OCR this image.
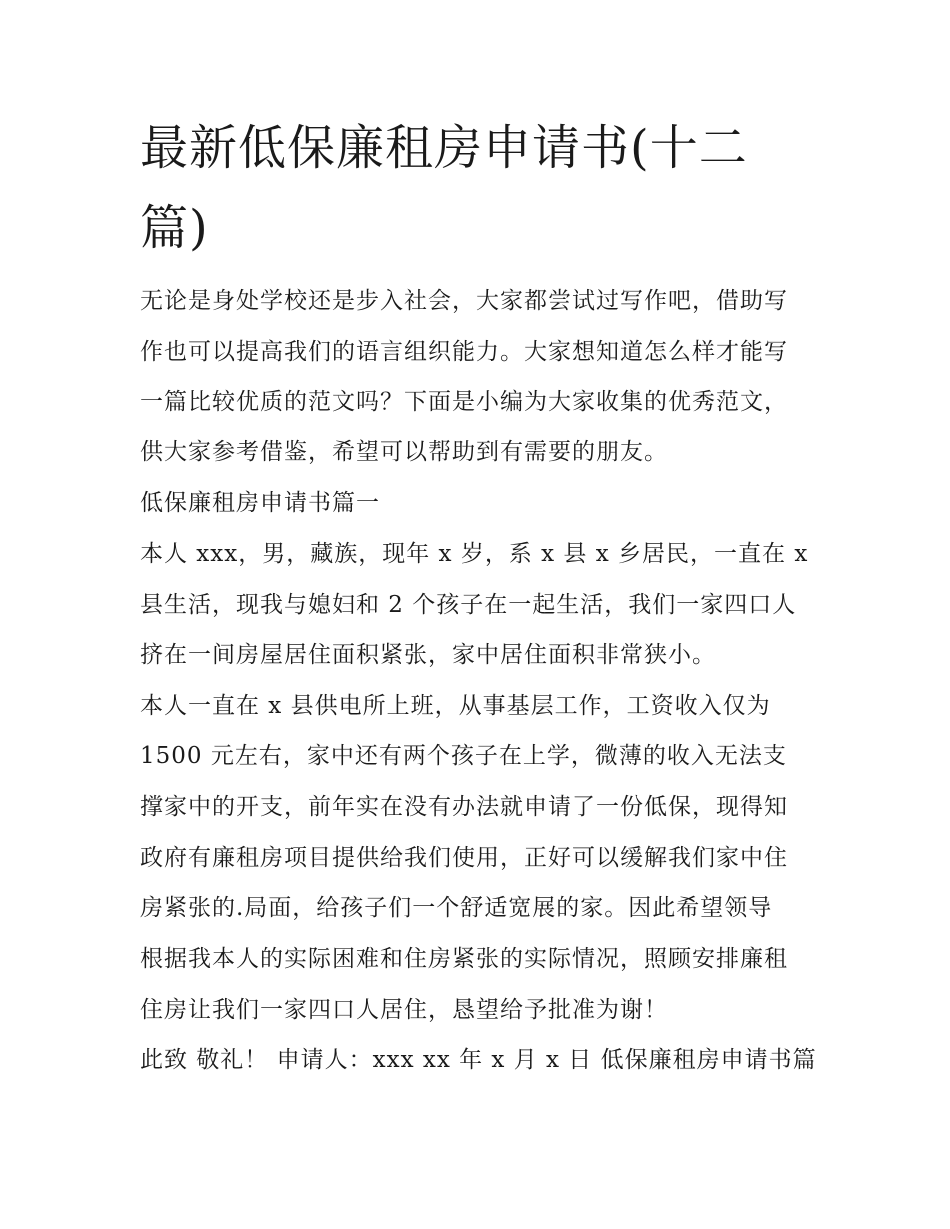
最新低保廉租房申请书(十二
篇)
无论是身处学校还是步入社会，大家都尝试过写作吧，借助写
作也可以提高我们的语言组织能力。大家想知道怎么样才能写
一篇比较优质的范文吗？下面是小编为大家收集的优秀范文，
供大家参考借鉴，希望可以帮助到有需要的朋友。
低保廉租房申请书篇一
本人 xxx，男，藏族，现年 x 岁，系 x 县 x 乡居民，一直在 x
县生活，现我与媳妇和 2 个孩子在一起生活，我们一家四口人
挤在一间房屋居住面积紧张，家中居住面积非常狭小。
本人一直在 x 县供电所上班，从事基层工作，工资收入仅为
1500 元左右，家中还有两个孩子在上学，微薄的收入无法支
撑家中的开支，前年实在没有办法就申请了一份低保，现得知
政府有廉租房项目提供给我们使用，正好可以缓解我们家中住
房紧张的.局面，给孩子们一个舒适宽展的家。因此希望领导
根据我本人的实际困难和住房紧张的实际情况，照顾安排廉租
住房让我们一家四口人居住，恳望给予批准为谢！
此致 敬礼！ 申请人：xxx xx 年 x 月 x 日 低保廉租房申请书篇
